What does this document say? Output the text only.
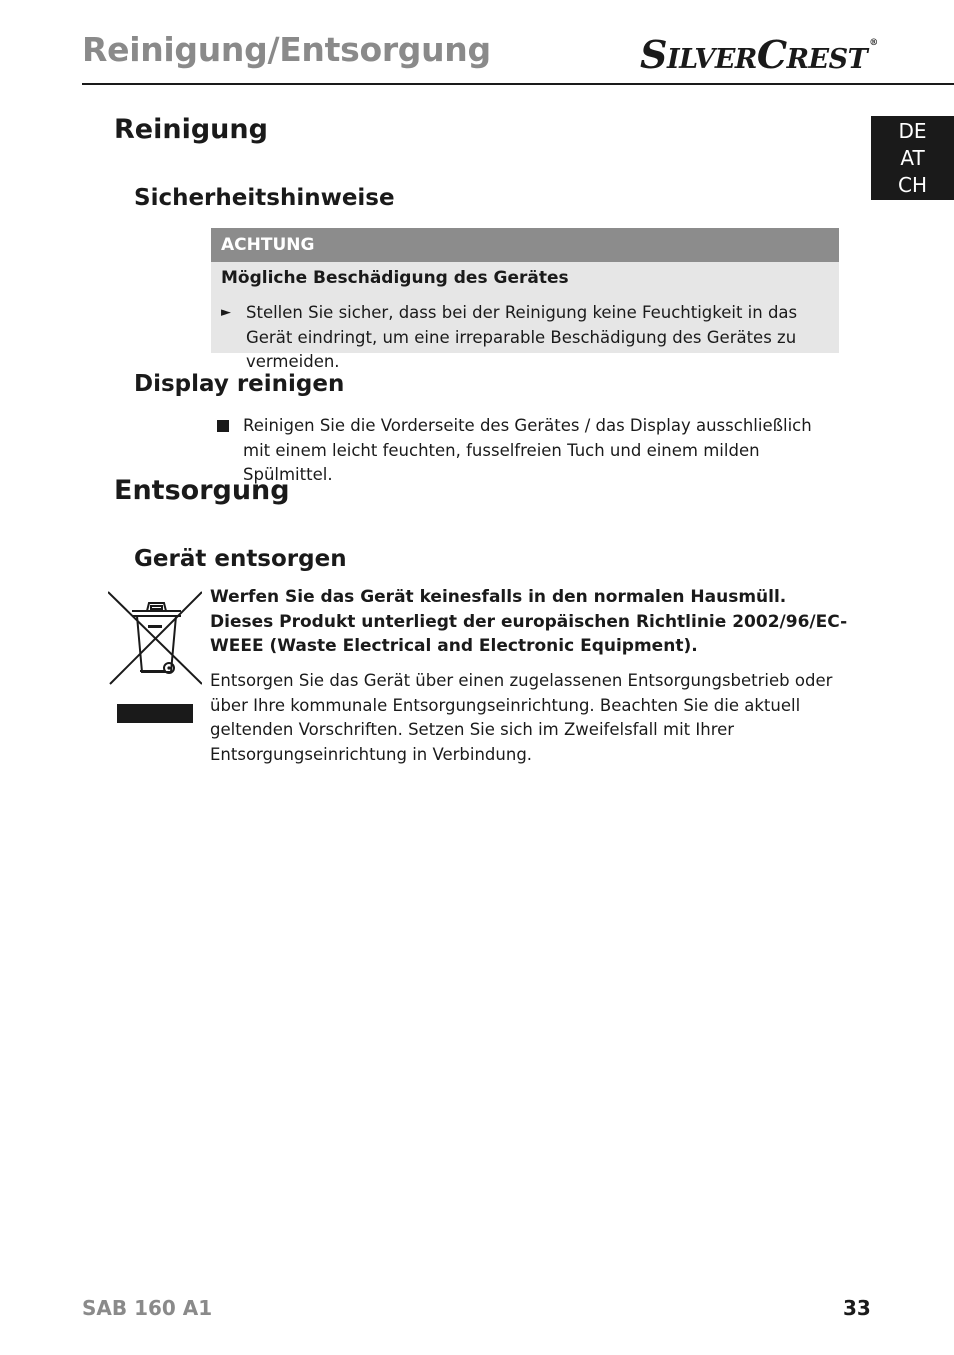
Reinigung/Entsorgung	SILVERCREST®
DE
AT
CH
Reinigung
Sicherheitshinweise
ACHTUNG
Mögliche Beschädigung des Gerätes
► Stellen Sie sicher, dass bei der Reinigung keine Feuchtigkeit in das Gerät eindringt, um eine irreparable Beschädigung des Gerätes zu vermeiden.
Display reinigen
Reinigen Sie die Vorderseite des Gerätes / das Display ausschließlich mit einem leicht feuchten, fusselfreien Tuch und einem milden Spülmittel.
Entsorgung
Gerät entsorgen

Werfen Sie das Gerät keinesfalls in den normalen Hausmüll. Dieses Produkt unterliegt der europäischen Richtlinie 2002/96/EC-WEEE (Waste Electrical and Electronic Equipment).

Entsorgen Sie das Gerät über einen zugelassenen Entsorgungsbetrieb oder über Ihre kommunale Entsorgungseinrichtung. Beachten Sie die aktuell geltenden Vorschriften. Setzen Sie sich im Zweifelsfall mit Ihrer Entsorgungseinrichtung in Verbindung.

SAB 160 A1	33
